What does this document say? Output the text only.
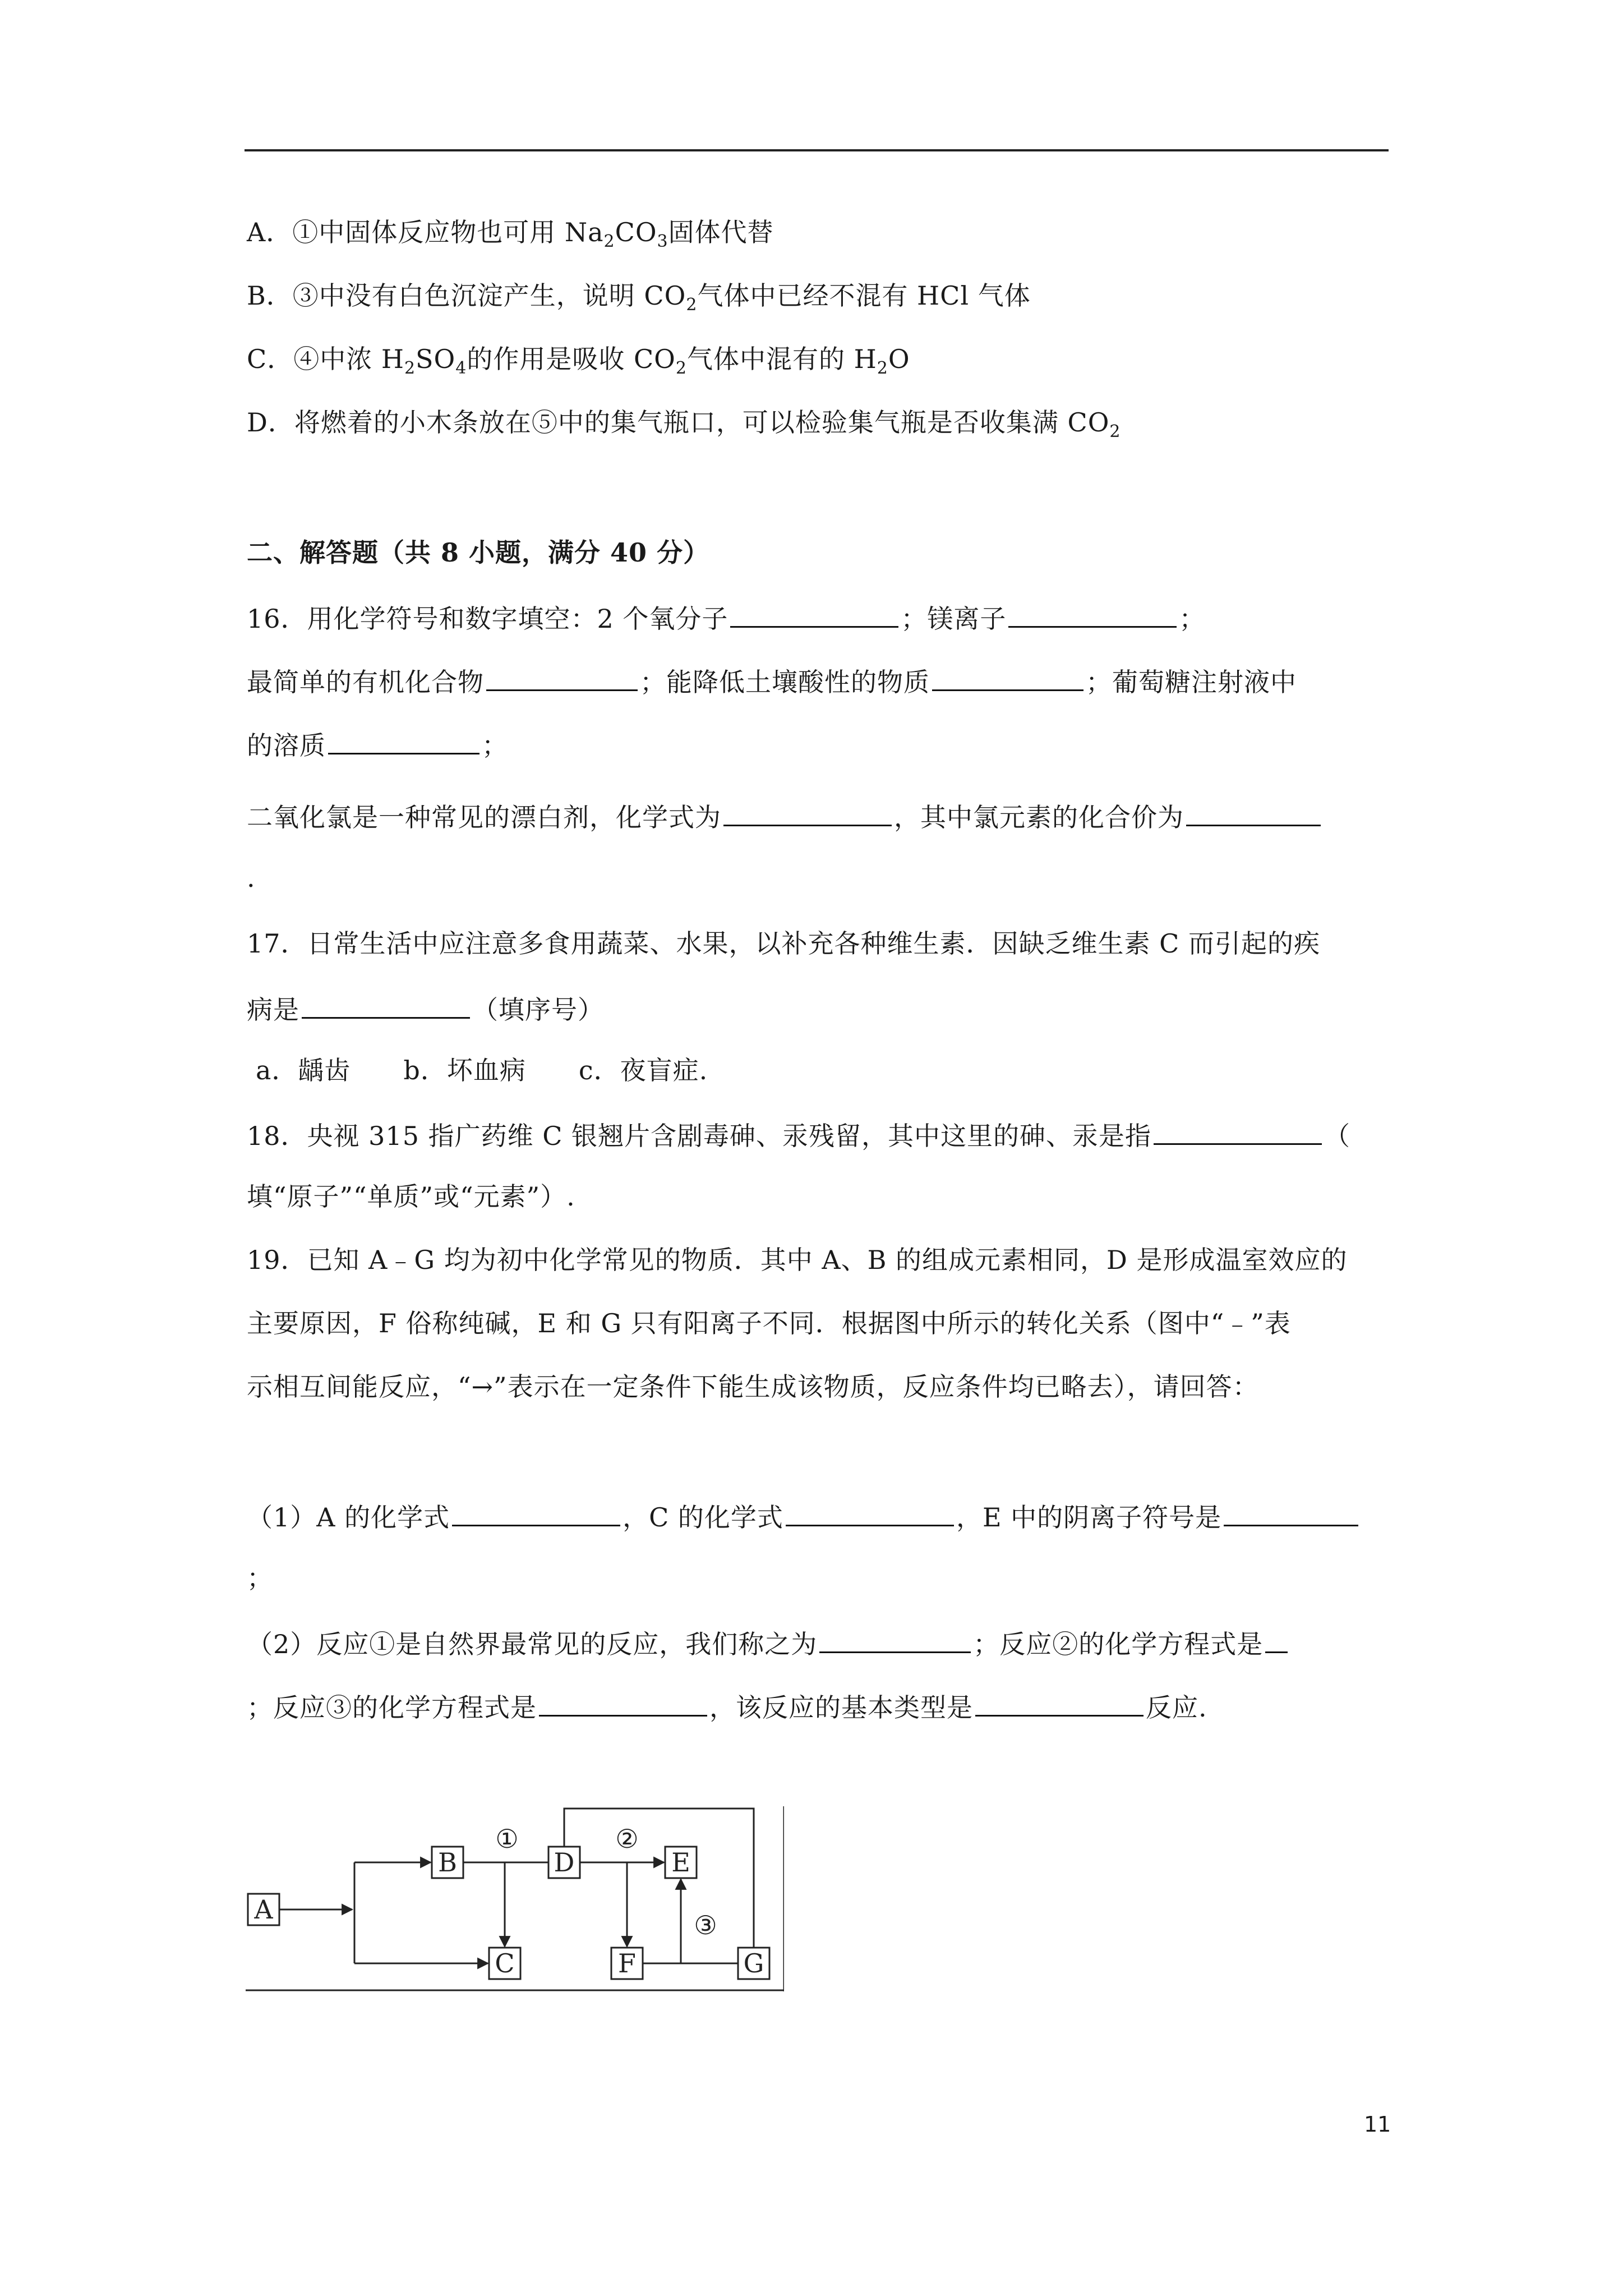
A．①中固体反应物也可用 $Na_2CO_3$固体代替
B．③中没有白色沉淀产生，说明 $CO_2$气体中已经不混有 HCl 气体
C．④中浓 $H_2SO_4$的作用是吸收 $CO_2$气体中混有的 $H_2O$
D．将燃着的小木条放在⑤中的集气瓶口，可以检验集气瓶是否收集满 $CO_2$
二、解答题（共 8 小题，满分 40 分）
16．用化学符号和数字填空：2 个氧分子	；镁离子	；
最简单的有机化合物	；能降低土壤酸性的物质	；葡萄糖注射液中
的溶质	；
二氧化氯是一种常见的漂白剂，化学式为	，其中氯元素的化合价为
.
17．日常生活中应注意多食用蔬菜、水果，以补充各种维生素．因缺乏维生素 C 而引起的疾
病是	（填序号）
a．龋齿　　b．坏血病　　c．夜盲症.
18．央视 315 指广药维 C 银翘片含剧毒砷、汞残留，其中这里的砷、汞是指	（
填“原子”“单质”或“元素”）.
19．已知 A﹣G 均为初中化学常见的物质．其中 A、B 的组成元素相同，D 是形成温室效应的
主要原因，F 俗称纯碱，E 和 G 只有阳离子不同．根据图中所示的转化关系（图中“﹣”表
示相互间能反应，“→”表示在一定条件下能生成该物质，反应条件均已略去），请回答：
（1）A 的化学式	，C 的化学式	，E 中的阴离子符号是
；
（2）反应①是自然界最常见的反应，我们称之为	；反应②的化学方程式是
；反应③的化学方程式是	，该反应的基本类型是	反应.
A
B
C
D	E
F	G
①	②
③
11
